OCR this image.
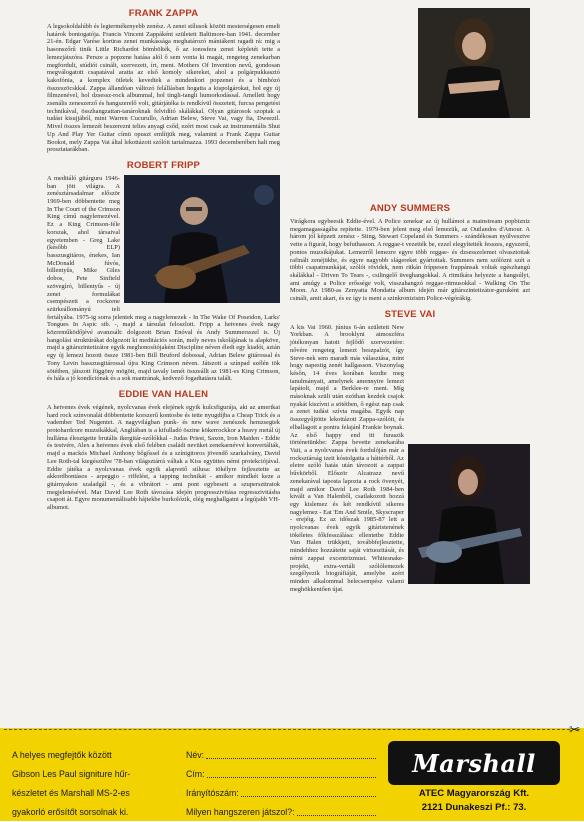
FRANK ZAPPA

A legsokoldalúbb és legtermékenyebb zenész. A zenei stílusok között mesterségesen emelt határok bontogatója. Francis Vincent Zappáként született Baltimore-ban 1941. december 21-én. Edgar Varèse korüras zenei munkássága meghatározó mániákent ragadt rá: mig a hasonszőrű tinik Little Richardot bömbölték, ő az ionosfera zenei képletét tette a lemezjátszóra. Persze a popzene hatása alól ő sem vonta ki magát, rengeteg zenekarban megfordult, stúdiót csinált, szervezett, írt, ment. Mothers Of Invention nevű, gondosan megválogatott csapatával aratta az első komoly sikereket, ahol a polgárpukkasztó kakofónia, a komplex ötletek kevedtek a mindenkori popzenei és a bimbózó összeszöcskkal. Zappa állandóan változó felállásban hogatta a kispolgárokat, hol egy új filmzenével, hol dzsessz-rock albummal, hol tingli-tangli humorkodással. Amellett hogy zsenális zeneszerző és hangszerelő volt, gitárjátéka is rendkívül összetett, furcsa pengetési technikával, összhangzattan-tanároknak felvidító skálákkal. Olyan gitárosok szoptak a tudást kisujjából, mint Warren Cucurullo, Adrian Belew, Steve Vai, vagy fia, Dweezil. Mivel összes lemezét beszerezni telies anyagi csőd, ezért most csak az instrumentális Shut Up And Play Yer Guitar címü opuszt említjük meg, valamint a Frank Zappa Guitar Bookot, mely Zappa Vai által lekottázott szólóit tartalmazza. 1993 decemberében halt meg prosztatarákban.

ROBERT FRIPP

A meditáló gitárguru 1946-ban jött világra. A zenésztársadalmar először 1969-ben döbbentette meg In The Court of the Crimson King című nagylemezével. Ez a King Crimson-féle korszak, ahol társaival egyetemben - Greg Lake (később ELP) basszusgitáros, énekes, Ian McDonald fúvós, billentyűs, Mike Giles dobos, Pete Sinfield szövegíró, billentyűs - új zenei formulákat csempészett a rockzene szürkeállományú teli fertályába. 1975-ig sorra jelentek meg a nagylemezek - In The Wake Of Poseidon, Larks' Tongues In Aspic stb. -, majd a társulat feloszlott. Fripp a hetvenes évek nagy közreműködőjévé avanzsált: dolgozott Brian Enóval és Andy Summersszel is. Új hangolási struktúrákat dolgozott ki meditációs során, mely neves iskolájának is alapköve, majd a gitárszintetizátor egyik meghonosítójaként Discipline néven éledt egy kiadót, aztán egy új lemezt hozott össze 1981-ben Bill Bruford dobossal, Adrian Belew gitárossal és Tony Levin basszusgitárossal újra King Crimson néven. Játszott a színpad szélén tök sötétben, játszott függöny mögött, majd tavaly ismét összeállt az 1981-es King Crimson, és hála a jó kondíciónak és a sok mantrának, kedvező fogadtatásra talált.

EDDIE VAN HALEN

A hetvenes évek végének, nyolcvanas évek elejének egyik kulcsfigurája, aki az amerikai hard rock színvonalát döbbentette korszerű kontosbe és tette nyugdíjba a Cheap Trick és a vadember Ted Nugentet. A nagyvilágban punk- és new wave zenészek hemzsegtek protohardcore muzsikákkal, Angliában is a kifulladó öszine kökerrockkor a heavy metál új hulláma élesztgette brutális ikergitár-szólókkal - Judas Priest, Saxon, Iron Maiden - Eddie és testvére, Alex a hetvenes évek első felében családi nevüket zenekarnévvé konvertálták, majd a mackós Michael Anthony bőgőssel és a színigitoros jövendő szarkalvány, David Lee Roth-tal kiegészülve '78-ban világsztárrá váltak a Kiss együttes némi protekciójával. Eddie játéka a nyolcvanas évek egyik alapvető stílusa: tökélyre fejlesztette az akkordbontásos - arpeggio - riffelést, a tapping technikát - amikor mindkét keze a gitárnyakon szaladgál -, és a vibrátort - ami pont egybesett a szuperszttratok megjelenésével. Mar David Lee Roth távozása idején progresszivitása regresszivitásba csapott át. Egyre monumentálisabb hájtekbe burkolózik, elég meghallgatni a legújabb VH-albumot.

ANDY SUMMERS

Virágkora egybeesik Eddie-ével. A Police zenekar az új hullámot a mainstream popbizniz megamagasságába repítette. 1979-ben jelent meg első lemezük, az Outlandos d'Amour. A három jól képzett zenész - Sting, Stewart Copeland és Summers - szándékosan nyúlvesztve vette a figurát, hogy befuthasson. A reggae-t vezették be, ezzel elegyítették fesszes, egyszerű, pontos muzsikájukat. Lemezről lemezre egyre több reggae- és dzsesszelemet olvasztottak rafinált zenéjükbe, és egyre nagyobb slágereket gyártottak. Summers nem szólózni szét a többi csapatmunkájat, szólói rövidek, nem ritkán fríppesen frappánsak voltak egészhangú skálákkal - Driven To Tears -, csilingelő üveghangokkal. A ritmikára helyezte a hangsúlyt, ami amúgy a Police erőssége volt, visszahangzó reggae-ritmusokkal - Walking On The Moon. Az 1980-as Zenyatta Mondatta album idején már gitárszintetizátor-guruként azt csinált, amit akart, és ez így is ment a szinkronizistm Police-végórákig.

STEVE VAI

A kis Vai 1960. június 6-án született New Yorkban. A brooklyni atmoszféra jótékonyan hatott fejlődő szervezetére: nővére rengeteg lemezt beszpalzót, így Steve-nek sem maradt más választása, mint hogy napestig zenét hallgasson. Viszonylag későn, 14 éves korában kezdte meg tanulmányait, amelynek amennyire lemezt lapátolt, majd a Berklee-re ment. Míg másoknak szüli után ezóthan kezdek csajok nyakát kiszívni a sötétben, ő egész nap csak a zenei tudást szívta magába. Egyik nap összegyűjtötte lekottázott Zappa-szólóit, és elballagott a pontra felajánl Frankie boynak. Az első happy end itt furaszik történetünkbe: Zappa bevette zenekarába Vait, a a nyolcvanas évek fordulóján már a rocksztárság izeit kóstolgatta a háttérből. Az eletre szóló hatás után távozott a zappai bűvkörből. Először Alcatrazz nevű zenekarával taposta lapozta a rock övenyét, majd amikor David Lee Roth 1984-ben kivált a Van Halenből, csatlakozott hozzá egy kislemez és két rendkívül sikeres nagylemez - Eat 'Em And Smile, Skyscraper - erejéig. Ez az időszak 1985-87 lett a nyolcvanas évek egyik gitáristenének tökéletes főkfesszálása: ellentetbe Eddie Van Halen trükkjeit, továbbfejlesztette, mindehhez hozzátette saját virtuozitását, és némi zappai excentrizmust. Whitesnake-projekt, extra-vertált szólólemezek szegélyezik biográfiáját, amelybe azért minden alkalommal belecsempész valami meghökkentően újat.

✂
A helyes megfejtők között
Gibson Les Paul signiture hűr-
készletet és Marshall MS-2-es
gyakorló erősítőt sorsolnak ki.
Név:
Cím:
Irányítószám:
Milyen hangszeren játszol?:
Marshall
ATEC Magyarország Kft.
2121 Dunakeszi Pf.: 73.
